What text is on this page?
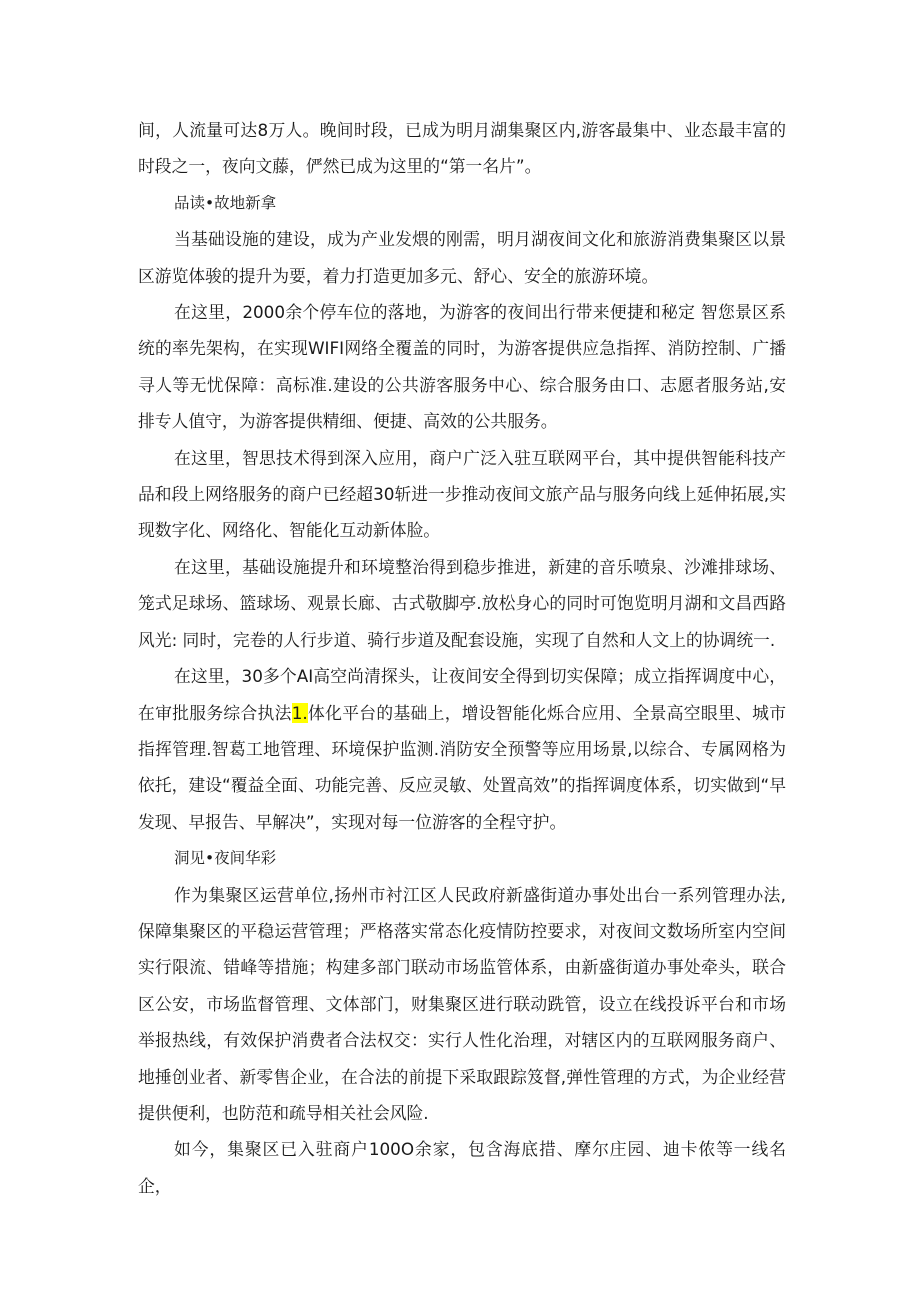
间，人流量可达8万人。晚间时段，已成为明月湖集聚区内,游客最集中、业态最丰富的时段之一，夜向文藤，俨然已成为这里的“第一名片”。

品读•故地新拿

当基础设施的建设，成为产业发煨的刚需，明月湖夜间文化和旅游消费集聚区以景区游览体骏的提升为要，着力打造更加多元、舒心、安全的旅游环境。

在这里，2000余个停车位的落地，为游客的夜间出行带来便捷和秘定 智您景区系统的率先架构，在实现WIFI网络全覆盖的同时，为游客提供应急指挥、消防控制、广播寻人等无忧保障：高标准.建设的公共游客服务中心、综合服务由口、志愿者服务站,安排专人值守，为游客提供精细、便捷、高效的公共服务。

在这里，智思技术得到深入应用，商户广泛入驻互联网平台，其中提供智能科技产品和段上网络服务的商户已经超30斩进一步推动夜间文旅产品与服务向线上延伸拓展,实现数字化、网络化、智能化互动新体脸。

在这里，基础设施提升和环境整治得到稳步推进，新建的音乐喷泉、沙滩排球场、笼式足球场、篮球场、观景长廊、古式敬脚亭.放松身心的同时可饱览明月湖和文昌西路风光: 同时，完卷的人行步道、骑行步道及配套设施，实现了自然和人文上的协调统一.

在这里，30多个AI高空尚清探头，让夜间安全得到切实保障；成立指挥调度中心，在审批服务综合执法1.体化平台的基础上，增设智能化烁合应用、全景高空眼里、城市指挥管理.智葛工地管理、环境保护监测.消防安全预警等应用场景,以综合、专属网格为依托，建设“覆益全面、功能完善、反应灵敏、处置高效”的指挥调度体系，切实做到“早发现、早报告、早解决”，实现对每一位游客的全程守护。

洞见•夜间华彩

作为集聚区运营单位,扬州市衬江区人民政府新盛街道办事处出台一系列管理办法,保障集聚区的平稳运营管理；严格落实常态化疫情防控要求，对夜间文数场所室内空间实行限流、错峰等措施；构建多部门联动市场监管体系，由新盛街道办事处牵头，联合区公安，市场监督管理、文体部门，财集聚区进行联动跣管，设立在线投诉平台和市场举报热线，有效保护消费者合法权交：实行人性化治理，对辖区内的互联网服务商户、地捶创业者、新零售企业，在合法的前提下采取跟踪笈督,弹性管理的方式，为企业经营提供便利，也防范和疏导相关社会风险.

如今，集聚区已入驻商户100O余家，包含海底措、摩尔庄园、迪卡侬等一线名企，
